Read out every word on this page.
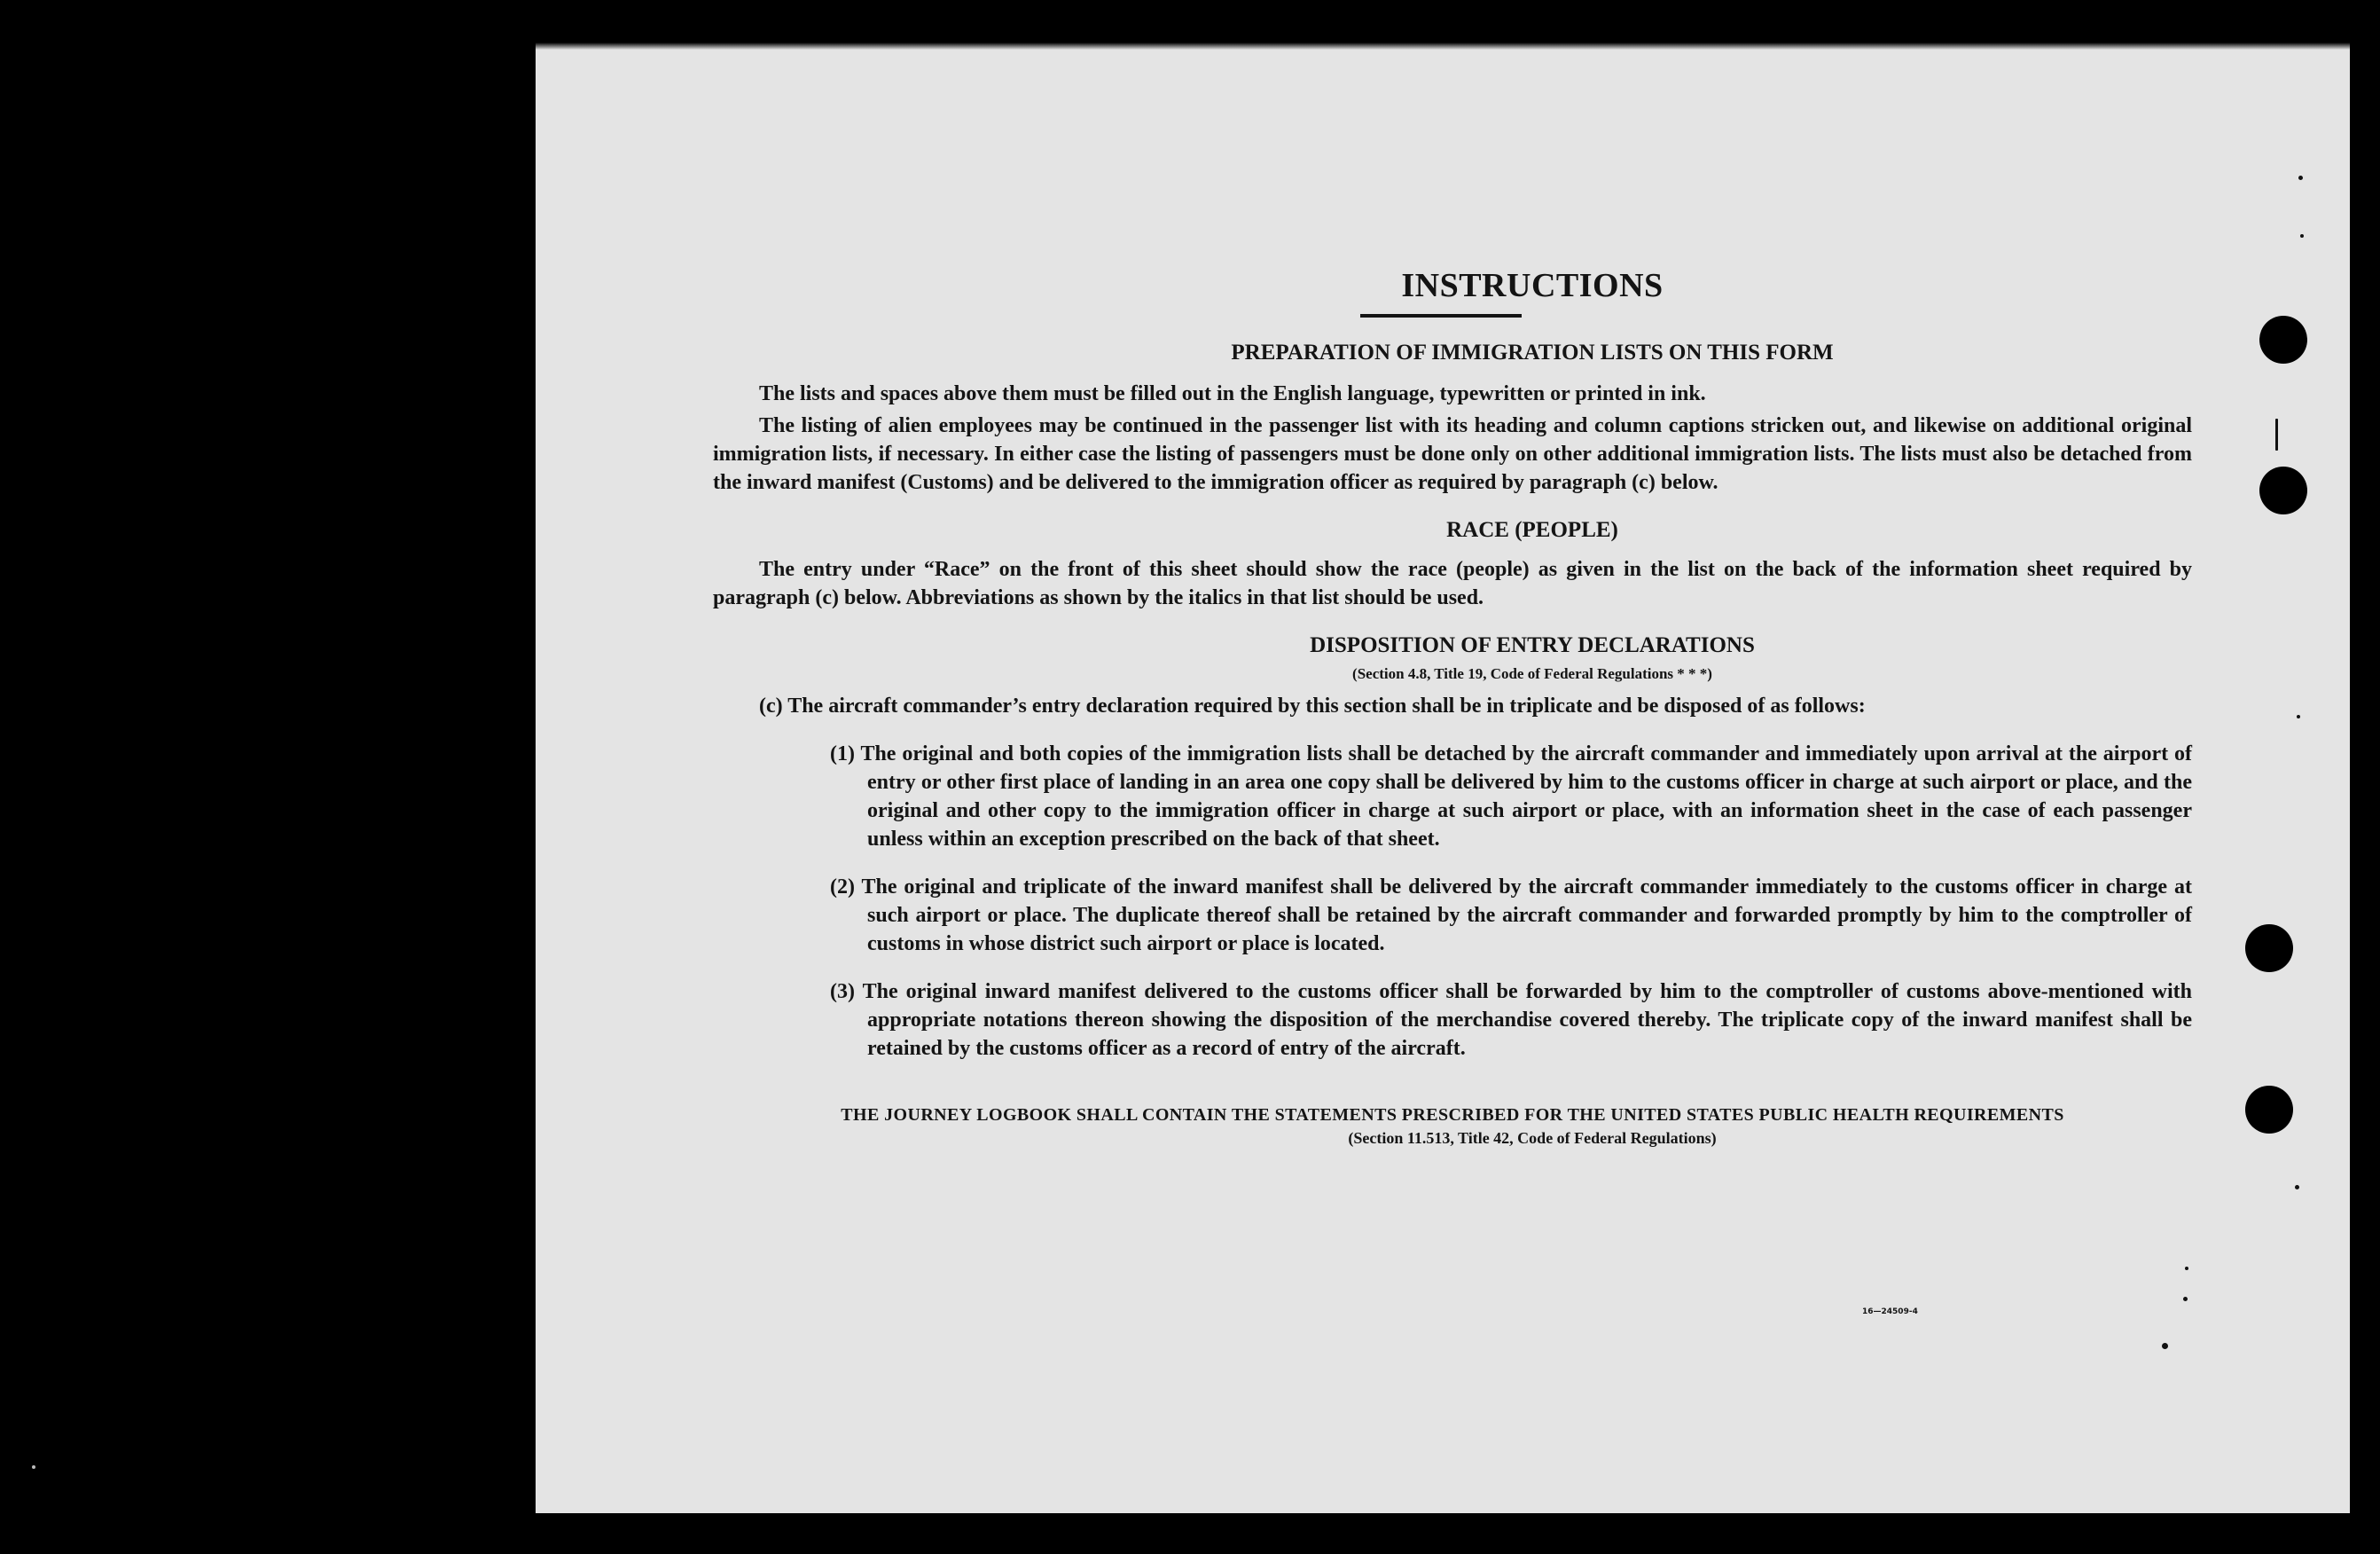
INSTRUCTIONS
PREPARATION OF IMMIGRATION LISTS ON THIS FORM

The lists and spaces above them must be filled out in the English language, typewritten or printed in ink.

The listing of alien employees may be continued in the passenger list with its heading and column captions stricken out, and likewise on additional original immigration lists, if necessary. In either case the listing of passengers must be done only on other additional immigration lists. The lists must also be detached from the inward manifest (Customs) and be delivered to the immigration officer as required by paragraph (c) below.

RACE (PEOPLE)

The entry under “Race” on the front of this sheet should show the race (people) as given in the list on the back of the information sheet required by paragraph (c) below. Abbreviations as shown by the italics in that list should be used.

DISPOSITION OF ENTRY DECLARATIONS
(Section 4.8, Title 19, Code of Federal Regulations * * *)

(c) The aircraft commander’s entry declaration required by this section shall be in triplicate and be disposed of as follows:

(1) The original and both copies of the immigration lists shall be detached by the aircraft commander and immediately upon arrival at the airport of entry or other first place of landing in an area one copy shall be delivered by him to the customs officer in charge at such airport or place, and the original and other copy to the immigration officer in charge at such airport or place, with an information sheet in the case of each passenger unless within an exception prescribed on the back of that sheet.

(2) The original and triplicate of the inward manifest shall be delivered by the aircraft commander immediately to the customs officer in charge at such airport or place. The duplicate thereof shall be retained by the aircraft commander and forwarded promptly by him to the comptroller of customs in whose district such airport or place is located.

(3) The original inward manifest delivered to the customs officer shall be forwarded by him to the comptroller of customs above-mentioned with appropriate notations thereon showing the disposition of the merchandise covered thereby. The triplicate copy of the inward manifest shall be retained by the customs officer as a record of entry of the aircraft.

THE JOURNEY LOGBOOK SHALL CONTAIN THE STATEMENTS PRESCRIBED FOR THE UNITED STATES PUBLIC HEALTH REQUIREMENTS
(Section 11.513, Title 42, Code of Federal Regulations)
16—24509-4
